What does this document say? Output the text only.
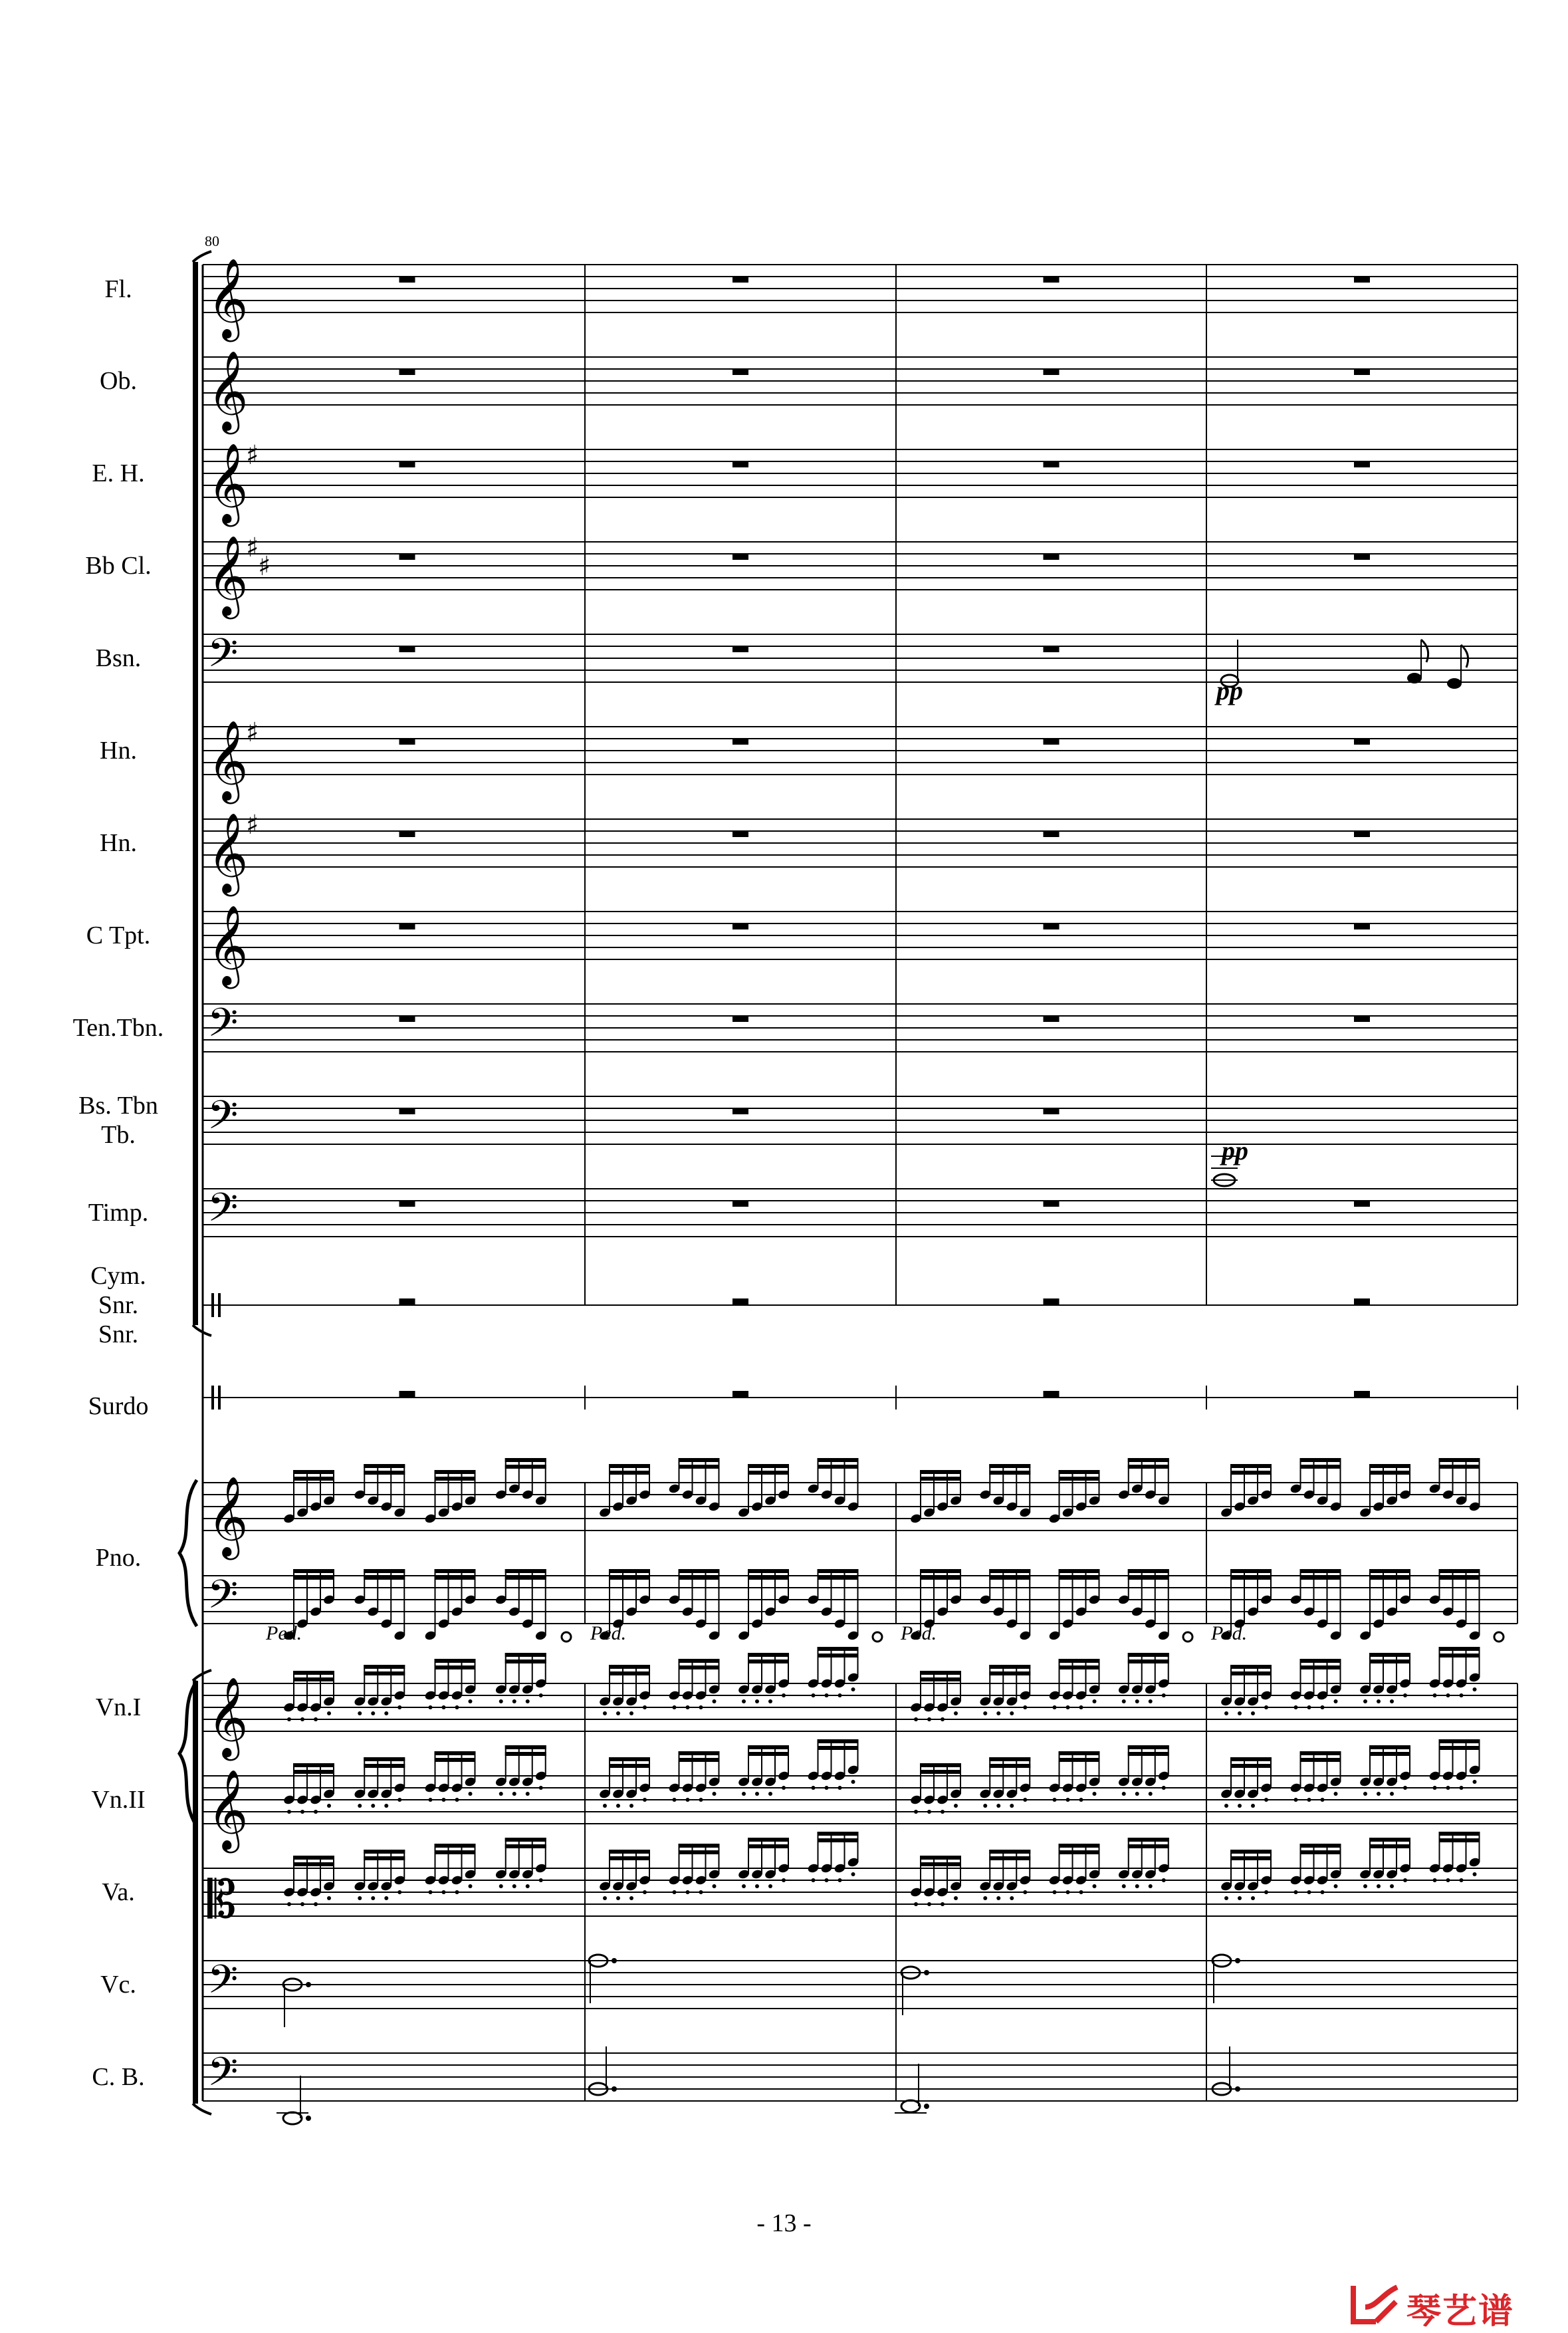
𝄞
𝄞
𝄞
𝄞
𝄢
𝄞
𝄞
𝄞
𝄢
𝄢
𝄢
𝄞
𝄢
𝄞
𝄞
𝄡
𝄢
𝄢
♯
♯
♯
♯
♯
80
Fl.
Ob.
E. H.
Bb Cl.
Bsn.
Hn.
Hn.
C Tpt.
Ten.Tbn.
Bs. Tbn
Tb.
Timp.
Cym.
Snr.
Snr.
Surdo
Pno.
Vn.I
Vn.II
Va.
Vc.
C. B.
pp
pp
Ped.	Ped.	Ped.	Ped.
- 13 -
琴艺谱
